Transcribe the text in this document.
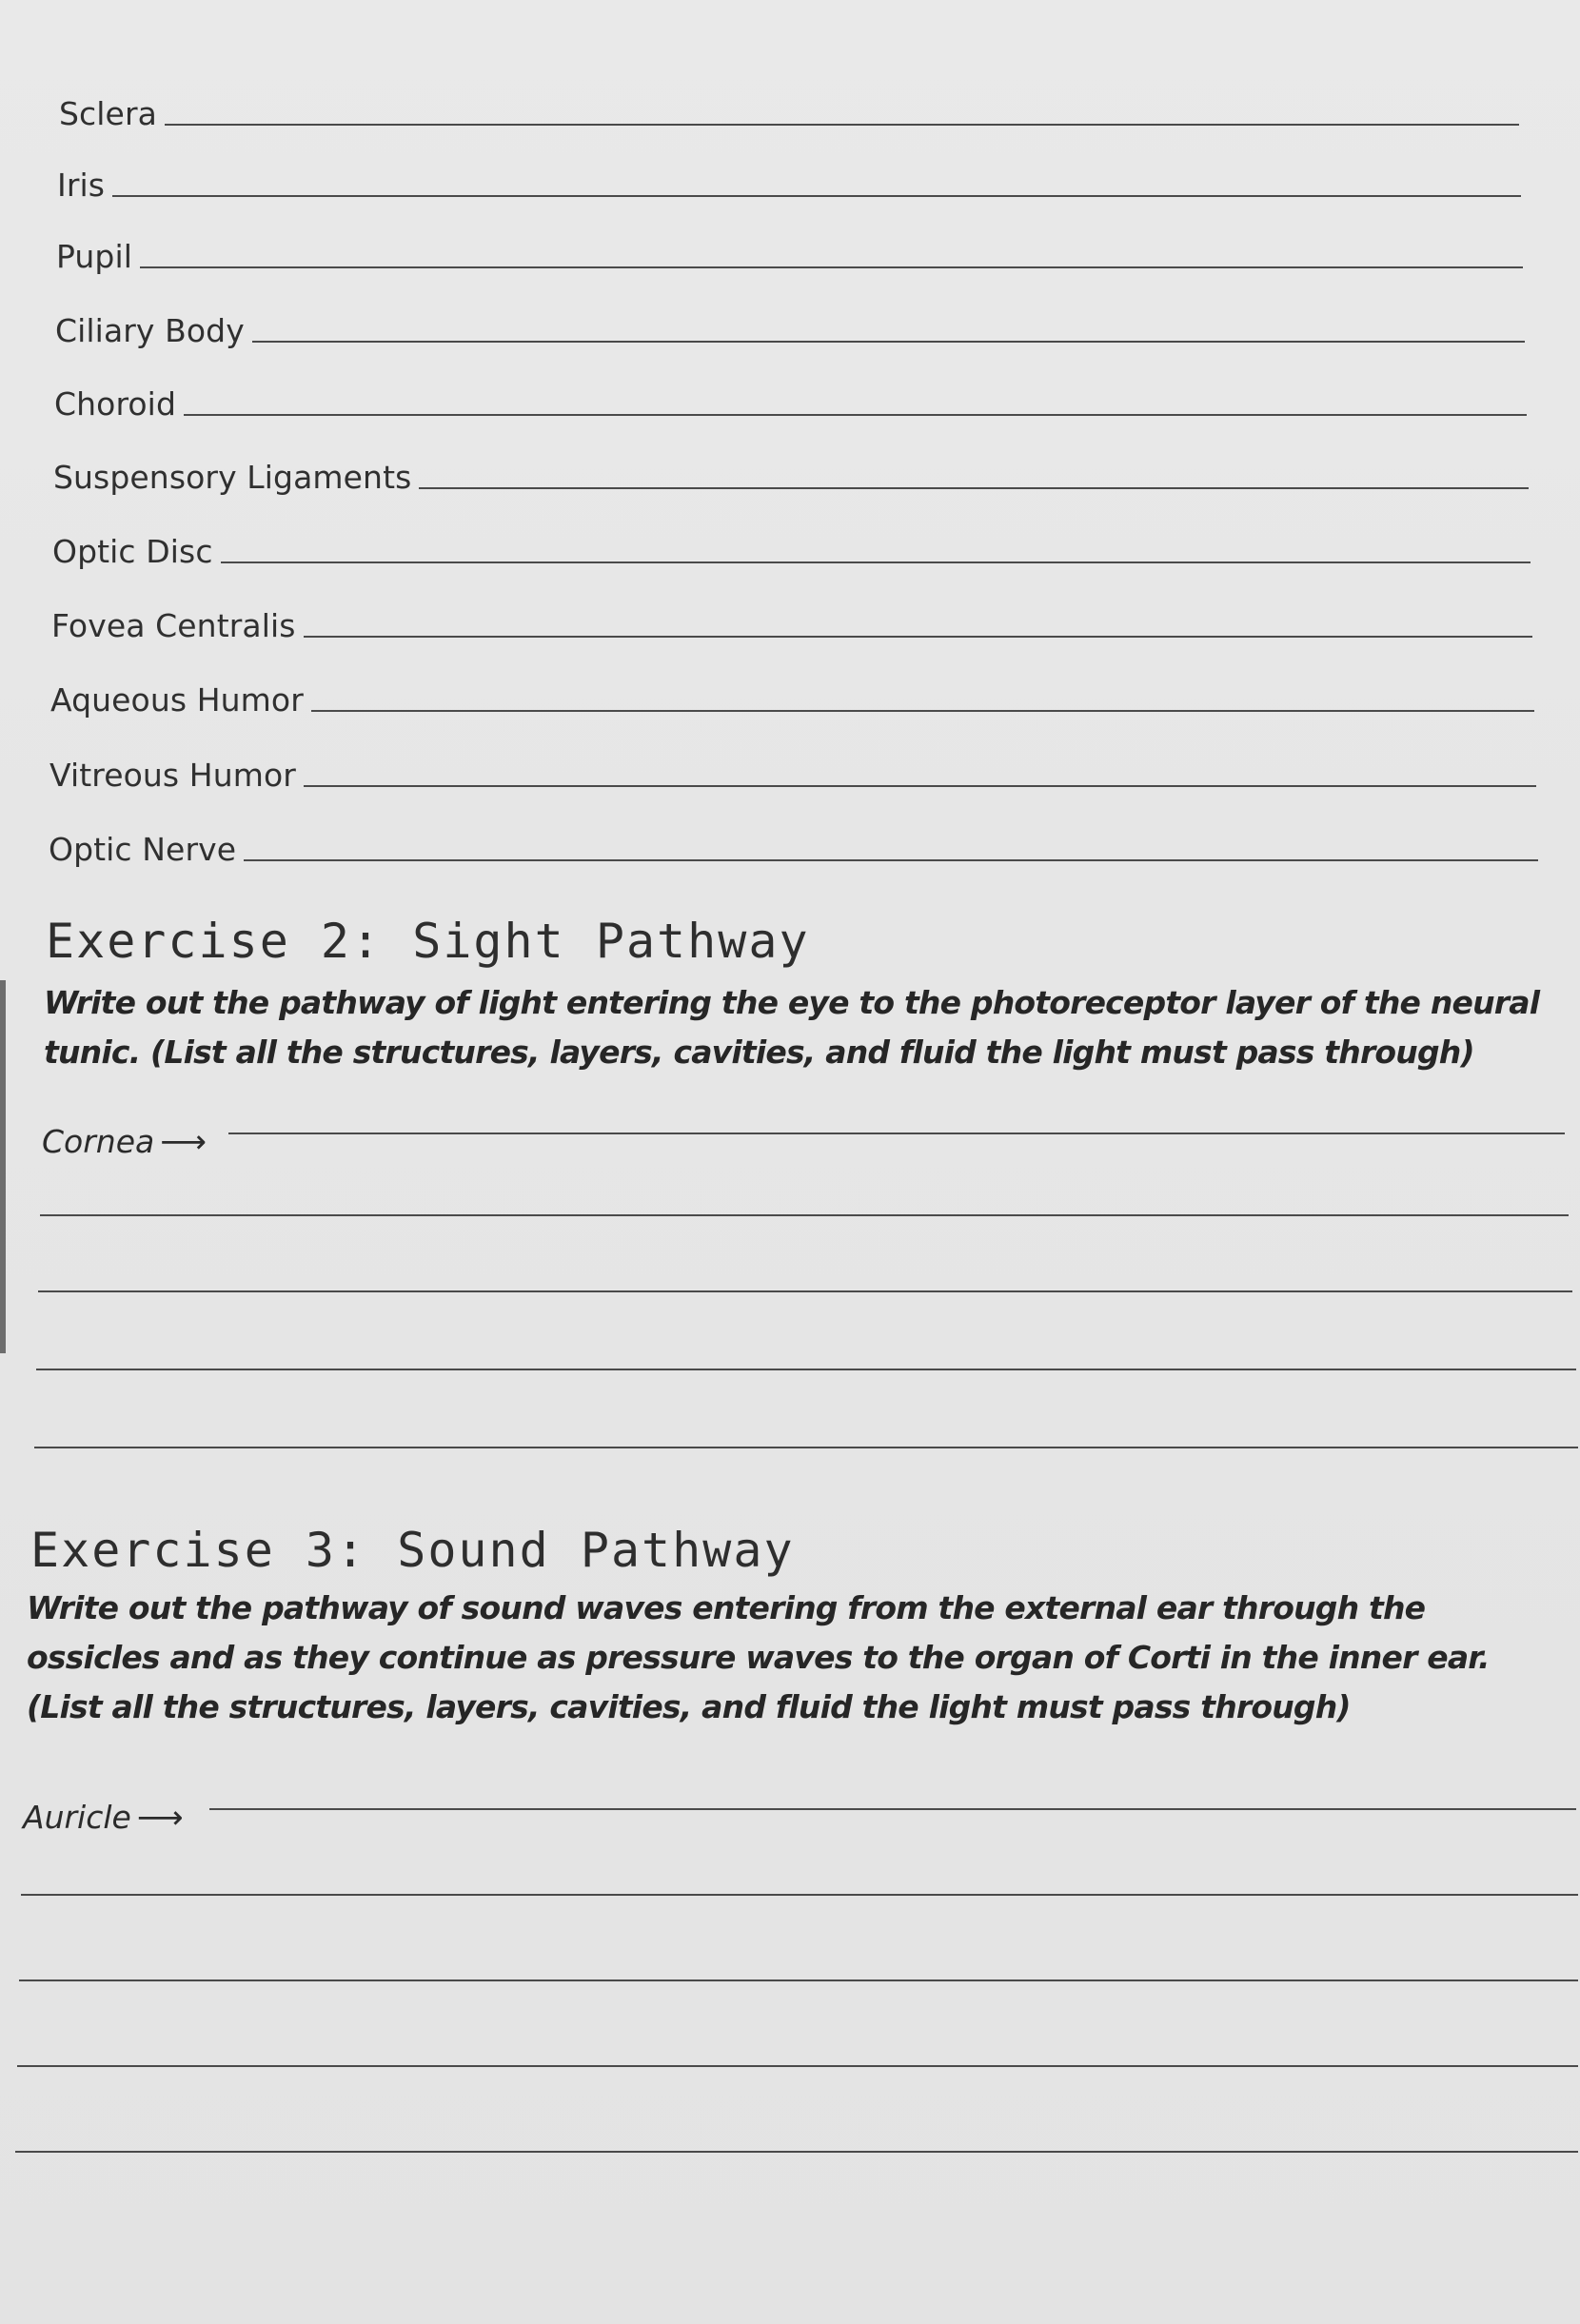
Sclera
Iris
Pupil
Ciliary Body
Choroid
Suspensory Ligaments
Optic Disc
Fovea Centralis
Aqueous Humor
Vitreous Humor
Optic Nerve
Exercise 2: Sight Pathway
Write out the pathway of light entering the eye to the photoreceptor layer of the neural tunic. (List all the structures, layers, cavities, and fluid the light must pass through)
Cornea ⟶
Exercise 3: Sound Pathway
Write out the pathway of sound waves entering from the external ear through the ossicles and as they continue as pressure waves to the organ of Corti in the inner ear. (List all the structures, layers, cavities, and fluid the light must pass through)
Auricle ⟶
